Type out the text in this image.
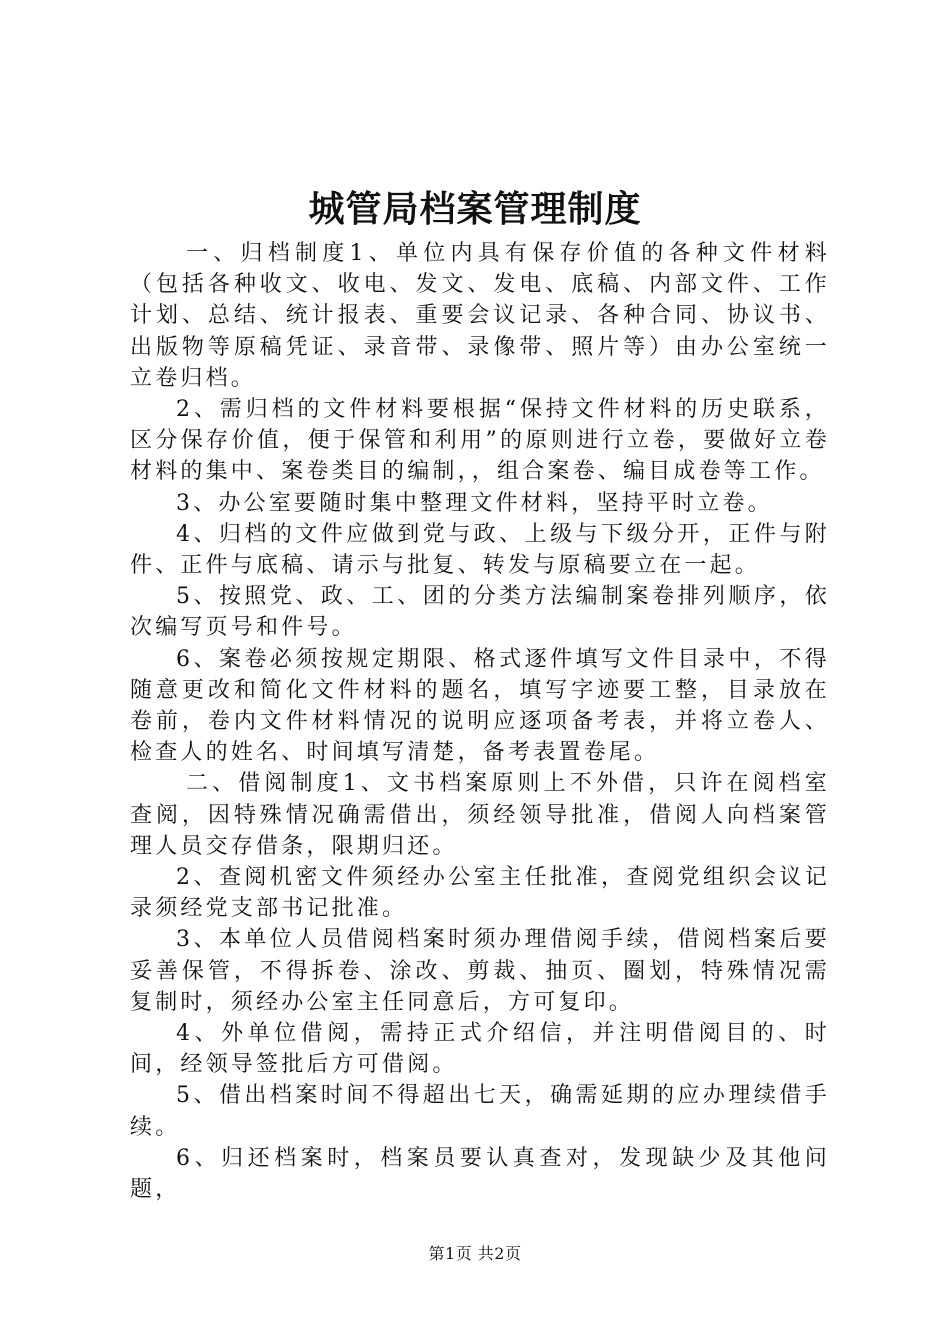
城管局档案管理制度

一、归档制度1、单位内具有保存价值的各种文件材料（包括各种收文、收电、发文、发电、底稿、内部文件、工作计划、总结、统计报表、重要会议记录、各种合同、协议书、出版物等原稿凭证、录音带、录像带、照片等）由办公室统一立卷归档。

2、需归档的文件材料要根据“保持文件材料的历史联系，区分保存价值，便于保管和利用”的原则进行立卷，要做好立卷材料的集中、案卷类目的编制，，组合案卷、编目成卷等工作。

3、办公室要随时集中整理文件材料，坚持平时立卷。

4、归档的文件应做到党与政、上级与下级分开，正件与附件、正件与底稿、请示与批复、转发与原稿要立在一起。

5、按照党、政、工、团的分类方法编制案卷排列顺序，依次编写页号和件号。

6、案卷必须按规定期限、格式逐件填写文件目录中，不得随意更改和简化文件材料的题名，填写字迹要工整，目录放在卷前，卷内文件材料情况的说明应逐项备考表，并将立卷人、检查人的姓名、时间填写清楚，备考表置卷尾。

二、借阅制度1、文书档案原则上不外借，只许在阅档室查阅，因特殊情况确需借出，须经领导批准，借阅人向档案管理人员交存借条，限期归还。

2、查阅机密文件须经办公室主任批准，查阅党组织会议记录须经党支部书记批准。

3、本单位人员借阅档案时须办理借阅手续，借阅档案后要妥善保管，不得拆卷、涂改、剪裁、抽页、圈划，特殊情况需复制时，须经办公室主任同意后，方可复印。

4、外单位借阅，需持正式介绍信，并注明借阅目的、时间，经领导签批后方可借阅。

5、借出档案时间不得超出七天，确需延期的应办理续借手续。

6、归还档案时，档案员要认真查对，发现缺少及其他问题，

第1页 共2页
